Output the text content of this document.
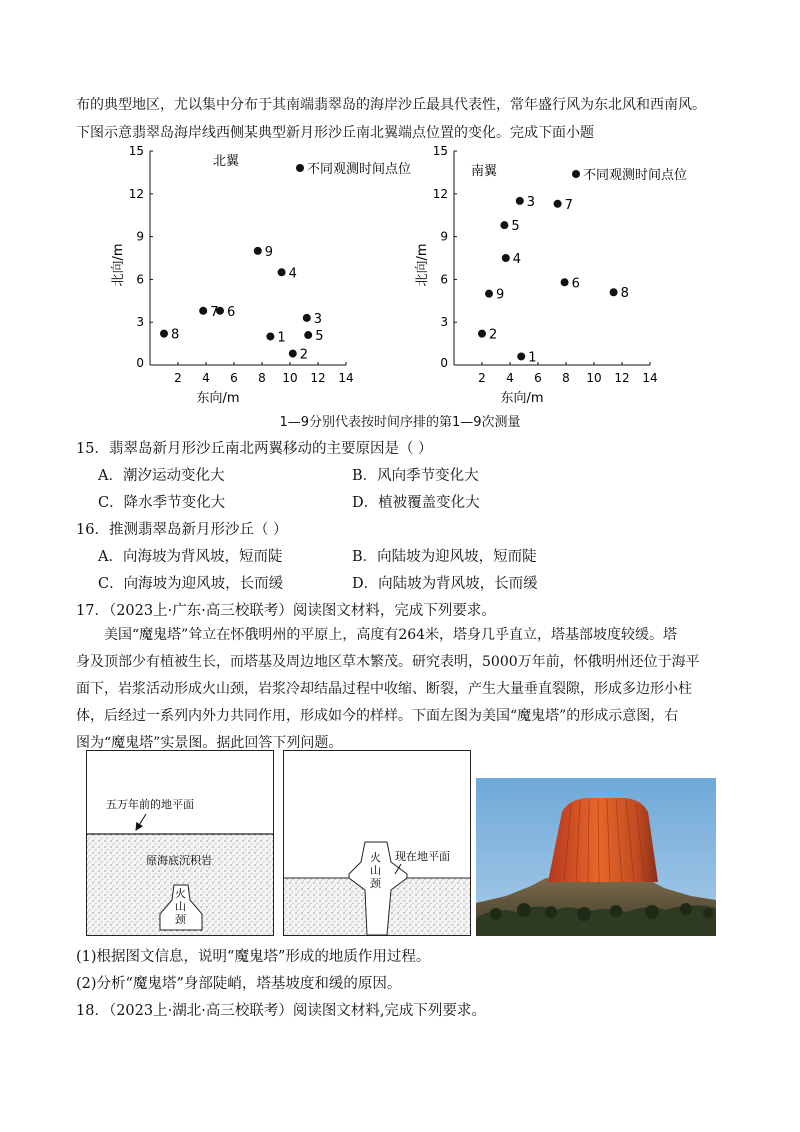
布的典型地区，尤以集中分布于其南端翡翠岛的海岸沙丘最具代表性，常年盛行风为东北风和西南风。
下图示意翡翠岛海岸线西侧某典型新月形沙丘南北翼端点位置的变化。完成下面小题
0
2 4 6 8 10 12 14
3
6
9
12
15
东向/m
北向/m
北翼
不同观测时间点位
1
2
3
4
5
6
7
8
9
0
2 4 6 8 10 12 14
3
6
9
12
15
东向/m
北向/m
南翼	不同观测时间点位
1
2
3
4
5
6
7
8
9
1—9分别代表按时间序排的第1—9次测量
15．翡翠岛新月形沙丘南北两翼移动的主要原因是（ ）
A．潮汐运动变化大	B．风向季节变化大
C．降水季节变化大	D．植被覆盖变化大
16．推测翡翠岛新月形沙丘（ ）
A．向海坡为背风坡，短而陡	B．向陆坡为迎风坡，短而陡
C．向海坡为迎风坡，长而缓	D．向陆坡为背风坡，长而缓
17．（2023上·广东·高三校联考）阅读图文材料，完成下列要求。
美国“魔鬼塔”耸立在怀俄明州的平原上，高度有264米，塔身几乎直立，塔基部坡度较缓。塔
身及顶部少有植被生长，而塔基及周边地区草木繁茂。研究表明，5000万年前，怀俄明州还位于海平
面下，岩浆活动形成火山颈，岩浆冷却结晶过程中收缩、断裂，产生大量垂直裂隙，形成多边形小柱
体，后经过一系列内外力共同作用，形成如今的样样。下面左图为美国“魔鬼塔”的形成示意图，右
图为“魔鬼塔”实景图。据此回答下列问题。
五万年前的地平面
原海底沉积岩
火
山
颈
火
山
颈
现在地平面
(1)根据图文信息，说明“魔鬼塔”形成的地质作用过程。
(2)分析“魔鬼塔”身部陡峭，塔基坡度和缓的原因。
18．（2023上·湖北·高三校联考）阅读图文材料,完成下列要求。
